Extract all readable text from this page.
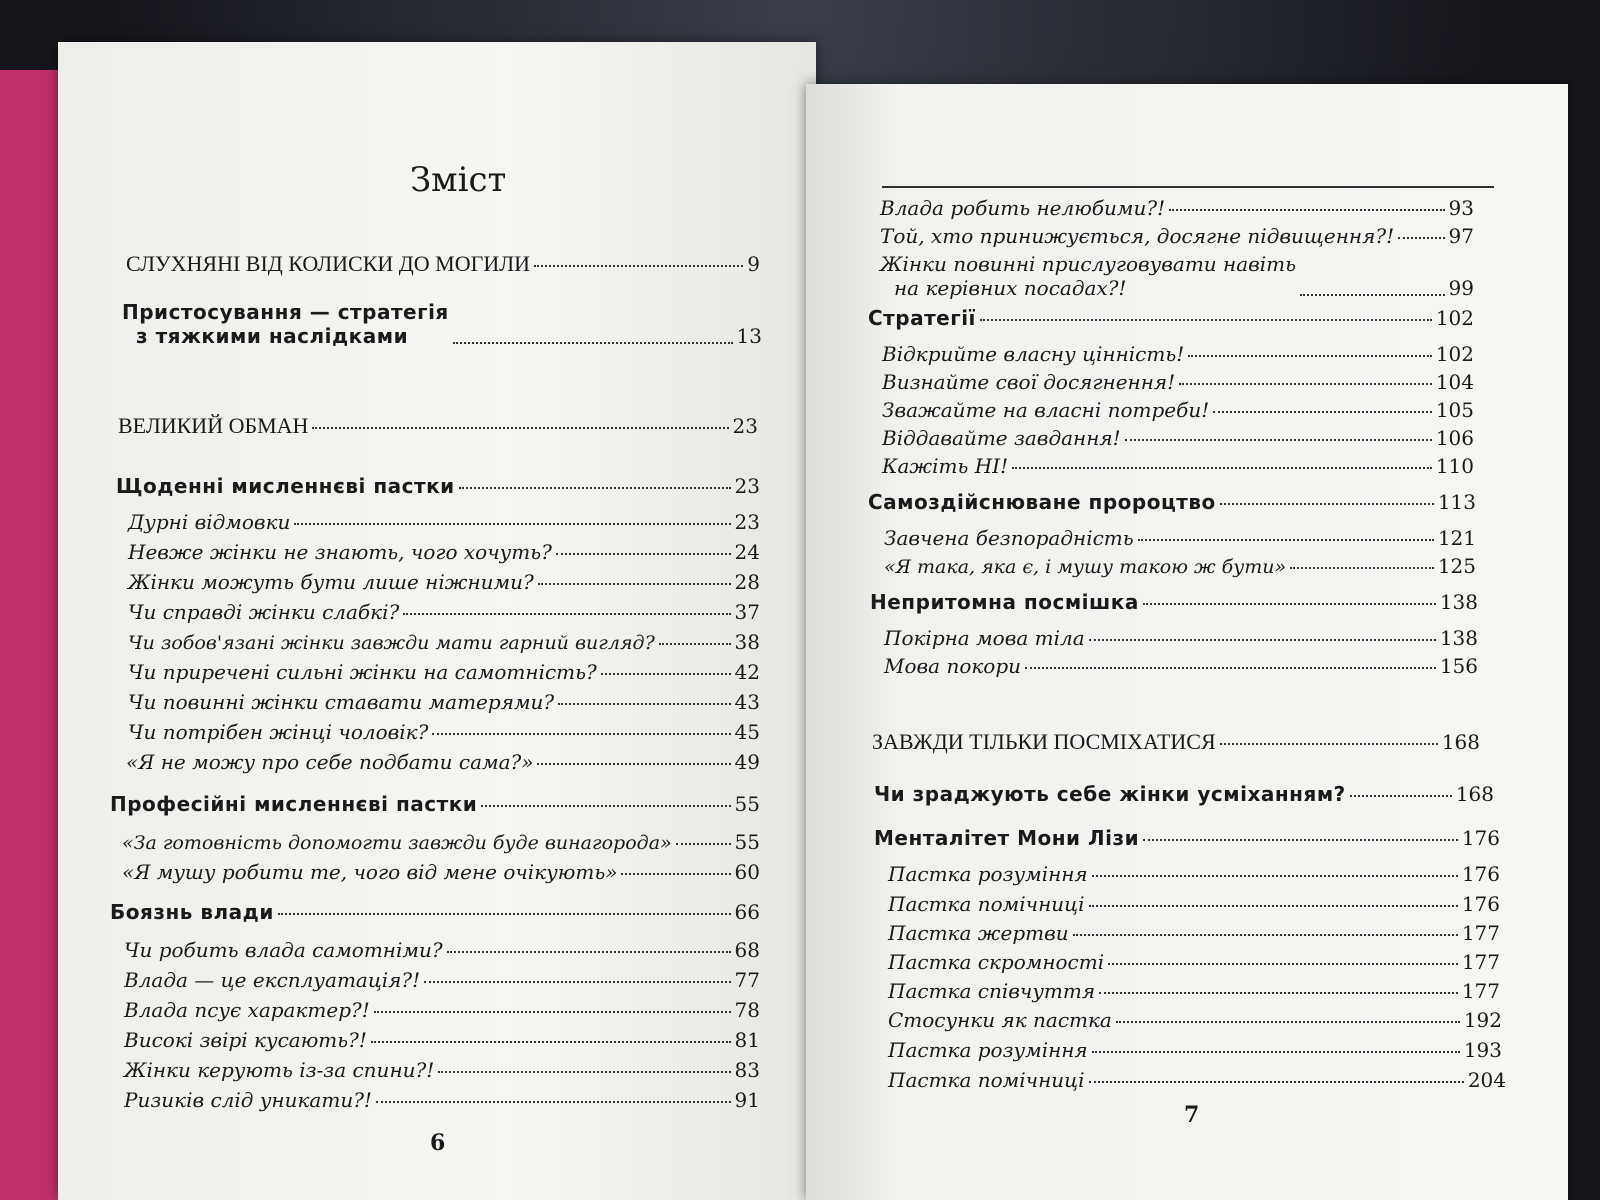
Зміст
СЛУХНЯНІ ВІД КОЛИСКИ ДО МОГИЛИ	9
Пристосування — стратегія
з тяжкими наслідками	13
ВЕЛИКИЙ ОБМАН	23
Щоденні мисленнєві пастки	23
Дурні відмовки	23
Невже жінки не знають, чого хочуть?	24
Жінки можуть бути лише ніжними?	28
Чи справді жінки слабкі?	37
Чи зобов'язані жінки завжди мати гарний вигляд?	38
Чи приречені сильні жінки на самотність?	42
Чи повинні жінки ставати матерями?	43
Чи потрібен жінці чоловік?	45
«Я не можу про себе подбати сама?»	49
Професійні мисленнєві пастки	55
«За готовність допомогти завжди буде винагорода»	55
«Я мушу робити те, чого від мене очікують»	60
Боязнь влади	66
Чи робить влада самотніми?	68
Влада — це експлуатація?!	77
Влада псує характер?!	78
Високі звірі кусають?!	81
Жінки керують із-за спини?!	83
Ризиків слід уникати?!	91
6
Влада робить нелюбими?!	93
Той, хто принижується, досягне підвищення?!	97
Жінки повинні прислуговувати навіть
на керівних посадах?!	99
Стратегії	102
Відкрийте власну цінність!	102
Визнайте свої досягнення!	104
Зважайте на власні потреби!	105
Віддавайте завдання!	106
Кажіть НІ!	110
Самоздійснюване пророцтво	113
Завчена безпорадність	121
«Я така, яка є, і мушу такою ж бути»	125
Непритомна посмішка	138
Покірна мова тіла	138
Мова покори	156
ЗАВЖДИ ТІЛЬКИ ПОСМІХАТИСЯ	168
Чи зраджують себе жінки усміханням?	168
Менталітет Мони Лізи	176
Пастка розуміння	176
Пастка помічниці	176
Пастка жертви	177
Пастка скромності	177
Пастка співчуття	177
Стосунки як пастка	192
Пастка розуміння	193
Пастка помічниці	204
7
